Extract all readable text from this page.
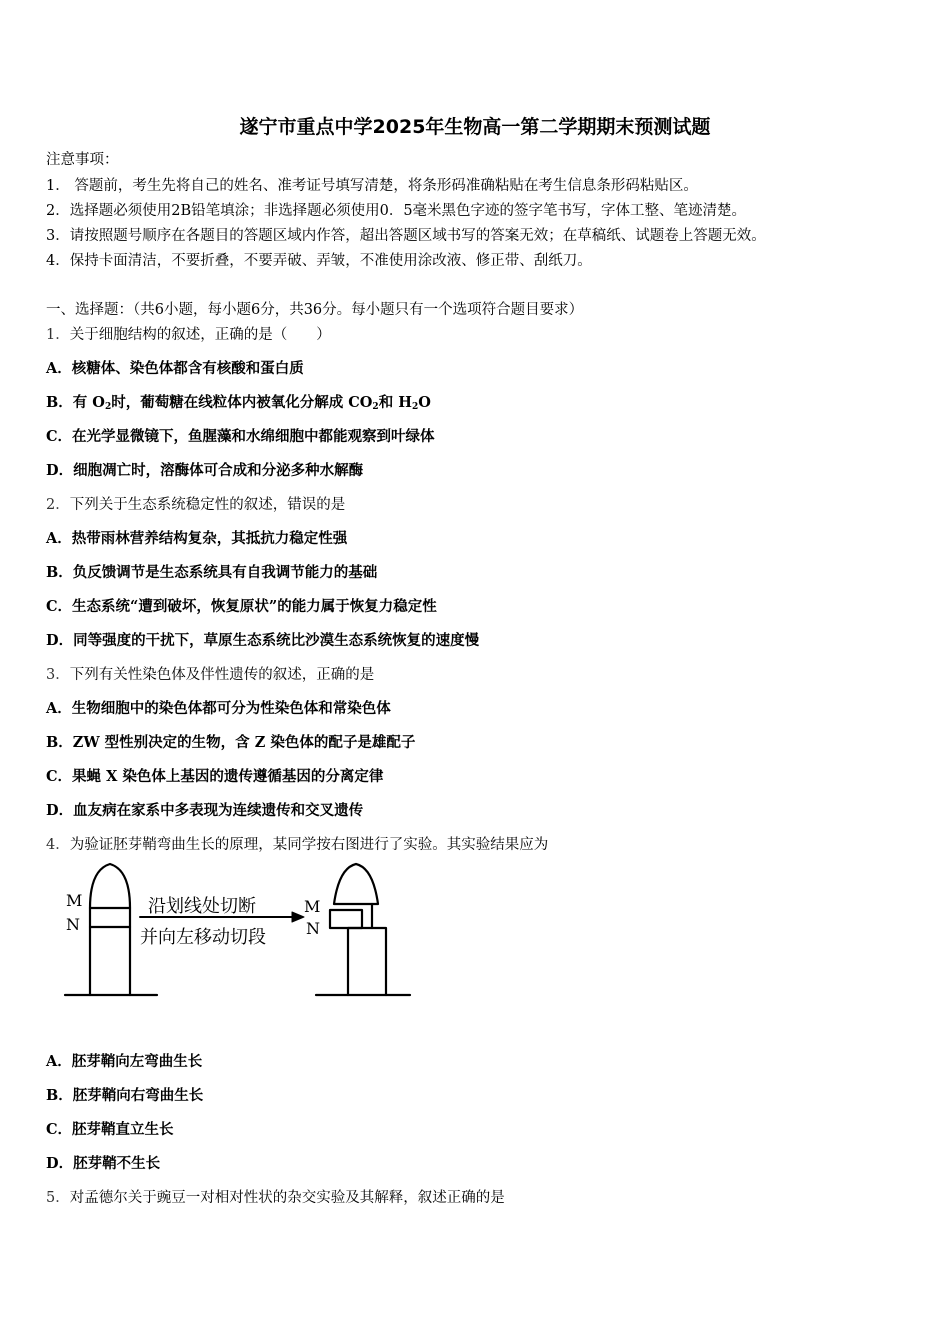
遂宁市重点中学2025年生物高一第二学期期末预测试题
注意事项：
1． 答题前，考生先将自己的姓名、准考证号填写清楚，将条形码准确粘贴在考生信息条形码粘贴区。
2．选择题必须使用2B铅笔填涂；非选择题必须使用0．5毫米黑色字迹的签字笔书写，字体工整、笔迹清楚。
3．请按照题号顺序在各题目的答题区域内作答，超出答题区域书写的答案无效；在草稿纸、试题卷上答题无效。
4．保持卡面清洁，不要折叠，不要弄破、弄皱，不准使用涂改液、修正带、刮纸刀。
一、选择题：（共6小题，每小题6分，共36分。每小题只有一个选项符合题目要求）
1．关于细胞结构的叙述，正确的是（　　）
A．核糖体、染色体都含有核酸和蛋白质
B．有 $O_2$时，葡萄糖在线粒体内被氧化分解成 $CO_2$和 $H_2O$
C．在光学显微镜下，鱼腥藻和水绵细胞中都能观察到叶绿体
D．细胞凋亡时，溶酶体可合成和分泌多种水解酶
2．下列关于生态系统稳定性的叙述，错误的是
A．热带雨林营养结构复杂，其抵抗力稳定性强
B．负反馈调节是生态系统具有自我调节能力的基础
C．生态系统“遭到破坏，恢复原状”的能力属于恢复力稳定性
D．同等强度的干扰下，草原生态系统比沙漠生态系统恢复的速度慢
3．下列有关性染色体及伴性遗传的叙述，正确的是
A．生物细胞中的染色体都可分为性染色体和常染色体
B．ZW 型性别决定的生物，含 Z 染色体的配子是雄配子
C．果蝇 X 染色体上基因的遗传遵循基因的分离定律
D．血友病在家系中多表现为连续遗传和交叉遗传
4．为验证胚芽鞘弯曲生长的原理，某同学按右图进行了实验。其实验结果应为
M
N
沿划线处切断
并向左移动切段
M
N
A．胚芽鞘向左弯曲生长
B．胚芽鞘向右弯曲生长
C．胚芽鞘直立生长
D．胚芽鞘不生长
5．对孟德尔关于豌豆一对相对性状的杂交实验及其解释，叙述正确的是
